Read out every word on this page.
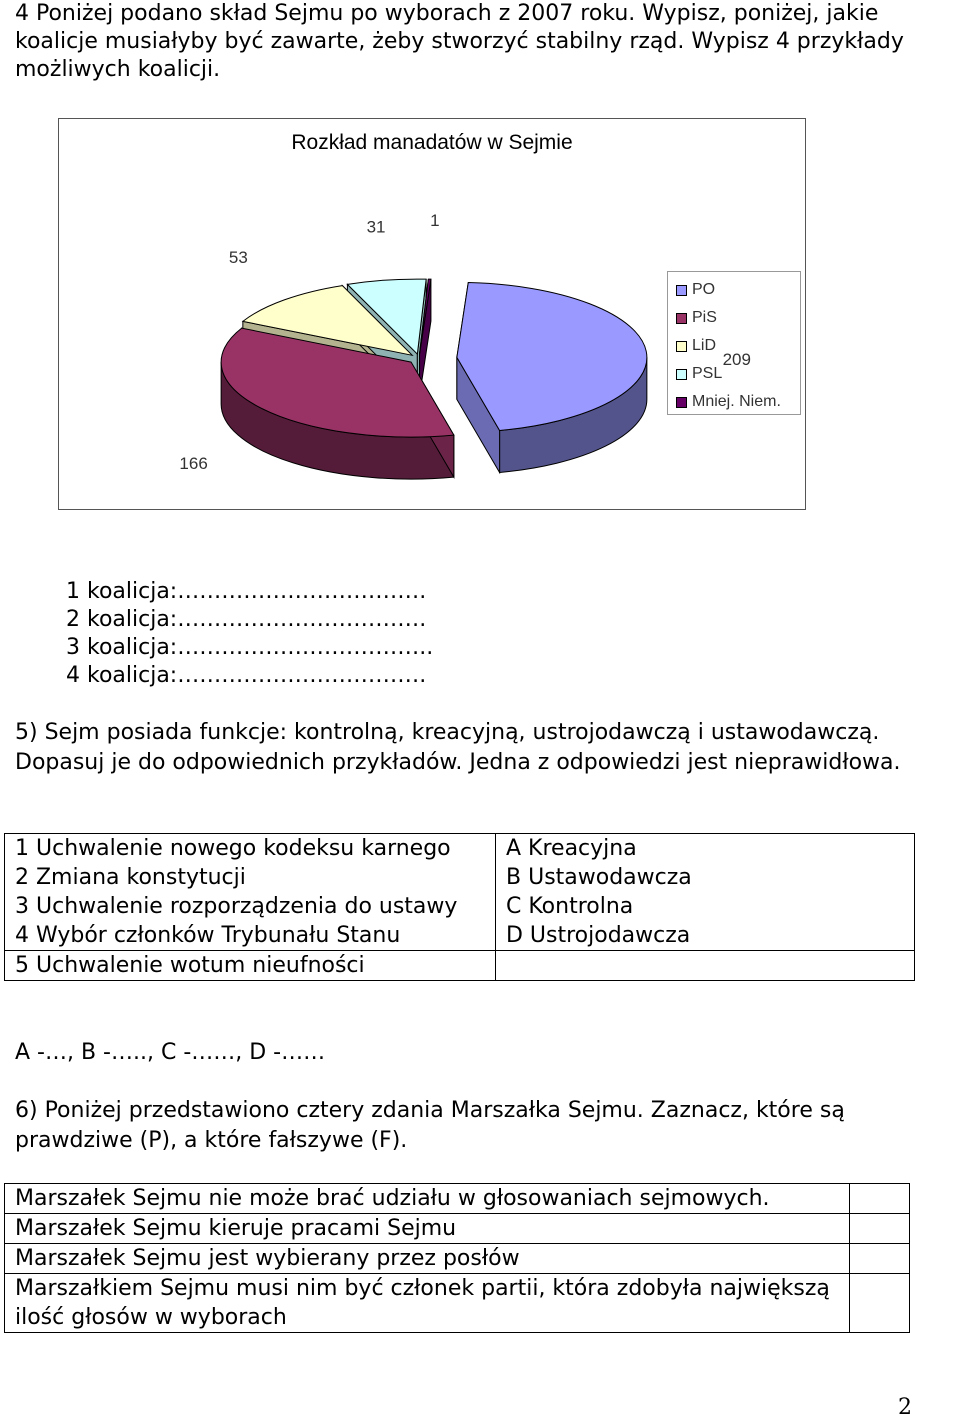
4 Poniżej podano skład Sejmu po wyborach z 2007 roku. Wypisz, poniżej, jakie koalicje musiałyby być zawarte, żeby stworzyć stabilny rząd. Wypisz 4 przykłady możliwych koalicji.
Rozkład manadatów w Sejmie
209
166
53
31	1
PO
PiS
LiD
PSL
Mniej. Niem.
1 koalicja:…………………………….
2 koalicja:…………………………….
3 koalicja:……………………………..
4 koalicja:…………………………….
5) Sejm posiada funkcje: kontrolną, kreacyjną, ustrojodawczą i ustawodawczą. Dopasuj je do odpowiednich przykładów. Jedna z odpowiedzi jest nieprawidłowa.
1 Uchwalenie nowego kodeksu karnego	A Kreacyjna
2 Zmiana konstytucji	B Ustawodawcza
3 Uchwalenie rozporządzenia do ustawy	C Kontrolna
4 Wybór członków Trybunału Stanu	D Ustrojodawcza
5 Uchwalenie wotum nieufności	
A -…, B -….., C -……, D -……
6) Poniżej przedstawiono cztery zdania Marszałka Sejmu. Zaznacz, które są prawdziwe (P), a które fałszywe (F).
Marszałek Sejmu nie może brać udziału w głosowaniach sejmowych.	
Marszałek Sejmu kieruje pracami Sejmu	
Marszałek Sejmu jest wybierany przez posłów	
Marszałkiem Sejmu musi nim być członek partii, która zdobyła największą ilość głosów w wyborach	
2
